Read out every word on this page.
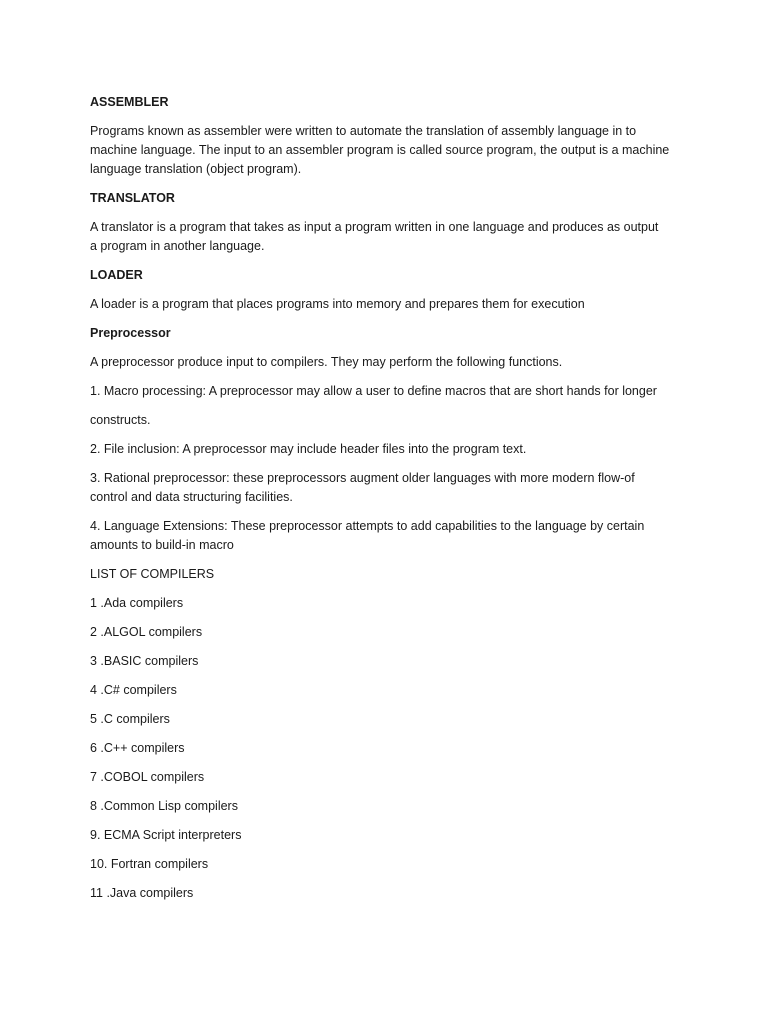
ASSEMBLER

Programs known as assembler were written to automate the translation of assembly language in to

machine language. The input to an assembler program is called source program, the output is a machine

language translation (object program).

TRANSLATOR

A translator is a program that takes as input a program written in one language and produces as output

a program in another language.

LOADER

A loader is a program that places programs into memory and prepares them for execution

Preprocessor

A preprocessor produce input to compilers. They may perform the following functions.

1. Macro processing: A preprocessor may allow a user to define macros that are short hands for longer

constructs.

2. File inclusion: A preprocessor may include header files into the program text.

3. Rational preprocessor: these preprocessors augment older languages with more modern flow-of

control and data structuring facilities.

4. Language Extensions: These preprocessor attempts to add capabilities to the language by certain

amounts to build-in macro

LIST OF COMPILERS

1 .Ada compilers

2 .ALGOL compilers

3 .BASIC compilers

4 .C# compilers

5 .C compilers

6 .C++ compilers

7 .COBOL compilers

8 .Common Lisp compilers

9. ECMA Script interpreters

10. Fortran compilers

11 .Java compilers
